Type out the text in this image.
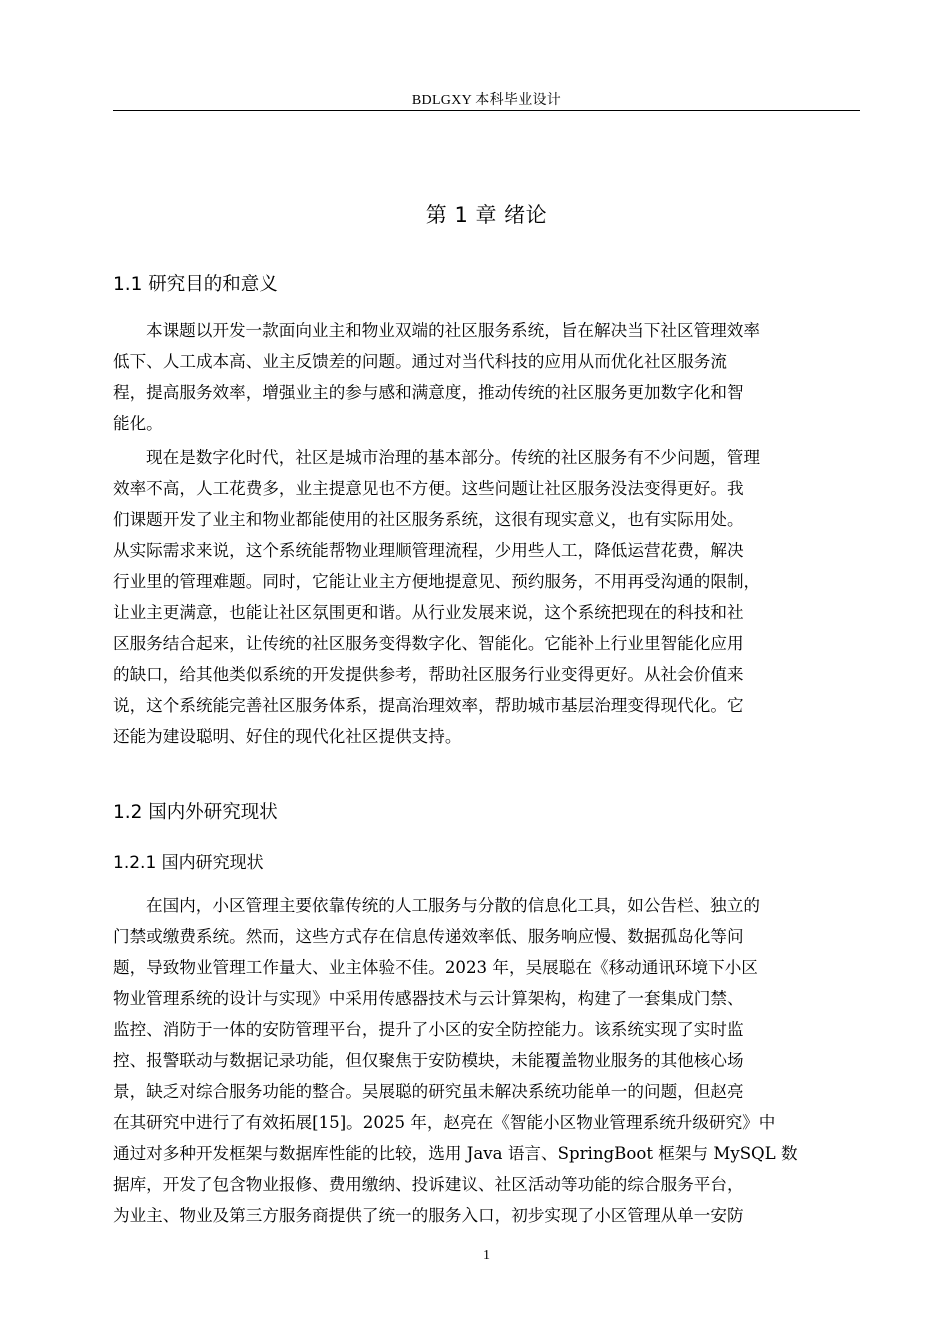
BDLGXY 本科毕业设计
第 1 章 绪论
1.1 研究目的和意义
本课题以开发一款面向业主和物业双端的社区服务系统，旨在解决当下社区管理效率
低下、人工成本高、业主反馈差的问题。通过对当代科技的应用从而优化社区服务流
程，提高服务效率，增强业主的参与感和满意度，推动传统的社区服务更加数字化和智
能化。
现在是数字化时代，社区是城市治理的基本部分。传统的社区服务有不少问题，管理
效率不高，人工花费多，业主提意见也不方便。这些问题让社区服务没法变得更好。我
们课题开发了业主和物业都能使用的社区服务系统，这很有现实意义，也有实际用处。
从实际需求来说，这个系统能帮物业理顺管理流程，少用些人工，降低运营花费，解决
行业里的管理难题。同时，它能让业主方便地提意见、预约服务，不用再受沟通的限制，
让业主更满意，也能让社区氛围更和谐。从行业发展来说，这个系统把现在的科技和社
区服务结合起来，让传统的社区服务变得数字化、智能化。它能补上行业里智能化应用
的缺口，给其他类似系统的开发提供参考，帮助社区服务行业变得更好。从社会价值来
说，这个系统能完善社区服务体系，提高治理效率，帮助城市基层治理变得现代化。它
还能为建设聪明、好住的现代化社区提供支持。
1.2 国内外研究现状
1.2.1 国内研究现状
在国内，小区管理主要依靠传统的人工服务与分散的信息化工具，如公告栏、独立的
门禁或缴费系统。然而，这些方式存在信息传递效率低、服务响应慢、数据孤岛化等问
题，导致物业管理工作量大、业主体验不佳。2023 年，吴展聪在《移动通讯环境下小区
物业管理系统的设计与实现》中采用传感器技术与云计算架构，构建了一套集成门禁、
监控、消防于一体的安防管理平台，提升了小区的安全防控能力。该系统实现了实时监
控、报警联动与数据记录功能，但仅聚焦于安防模块，未能覆盖物业服务的其他核心场
景，缺乏对综合服务功能的整合。吴展聪的研究虽未解决系统功能单一的问题，但赵亮
在其研究中进行了有效拓展[15]。2025 年，赵亮在《智能小区物业管理系统升级研究》中
通过对多种开发框架与数据库性能的比较，选用 Java 语言、SpringBoot 框架与 MySQL 数
据库，开发了包含物业报修、费用缴纳、投诉建议、社区活动等功能的综合服务平台，
为业主、物业及第三方服务商提供了统一的服务入口，初步实现了小区管理从单一安防
1
